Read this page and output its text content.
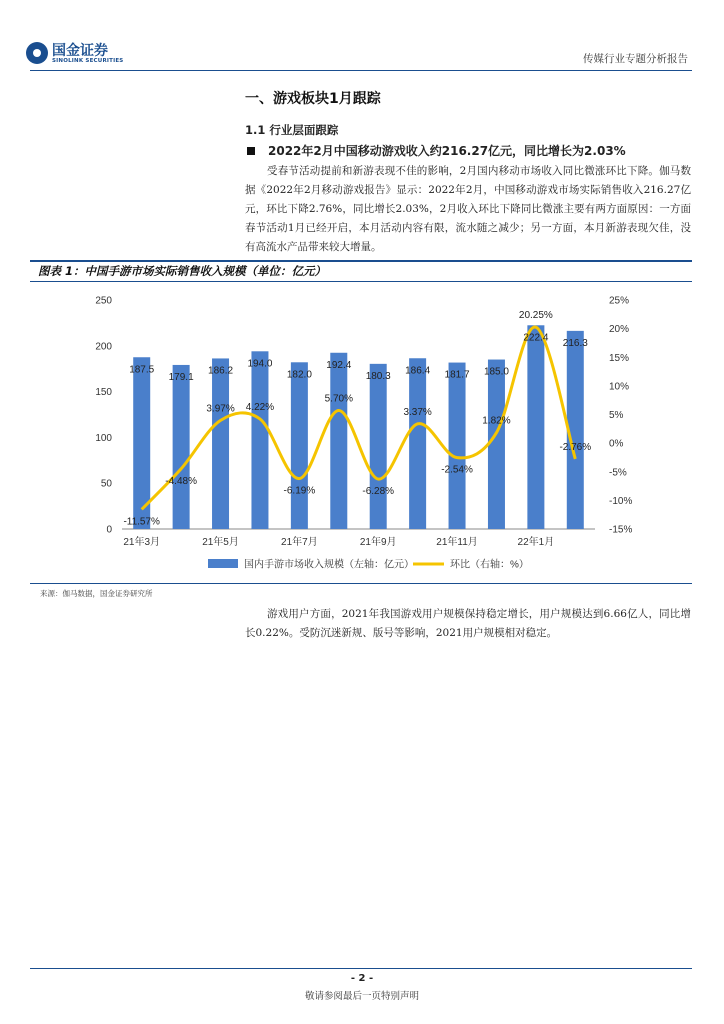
国金证券
SINOLINK SECURITIES	传媒行业专题分析报告
一、游戏板块1月跟踪
1.1 行业层面跟踪
2022年2月中国移动游戏收入约216.27亿元，同比增长为2.03%
受春节活动提前和新游表现不佳的影响，2月国内移动市场收入同比微涨环比下降。伽马数据《2022年2月移动游戏报告》显示：2022年2月，中国移动游戏市场实际销售收入216.27亿元，环比下降2.76%，同比增长2.03%，2月收入环比下降同比微涨主要有两方面原因：一方面春节活动1月已经开启，本月活动内容有限，流水随之减少；另一方面，本月新游表现欠佳，没有高流水产品带来较大增量。
图表 1：中国手游市场实际销售收入规模（单位：亿元）
0
50
100
150
200
250
-15%
-10%
-5%
0%
5%
10%
15%
20%
25%
21年3月	21年5月	21年7月	21年9月	21年11月	22年1月
187.5
179.1
186.2
194.0
182.0
192.4
180.3
186.4 181.7 185.0
222.4
216.3
-11.57%
-4.48%
3.97% 4.22%
-6.19%
5.70%
-6.28%
3.37%
-2.54%
1.82%
20.25%
-2.76%
国内手游市场收入规模（左轴：亿元）	环比（右轴：%）
来源：伽马数据，国金证券研究所
游戏用户方面，2021年我国游戏用户规模保持稳定增长，用户规模达到6.66亿人，同比增长0.22%。受防沉迷新规、版号等影响，2021用户规模相对稳定。
- 2 -
敬请参阅最后一页特别声明
